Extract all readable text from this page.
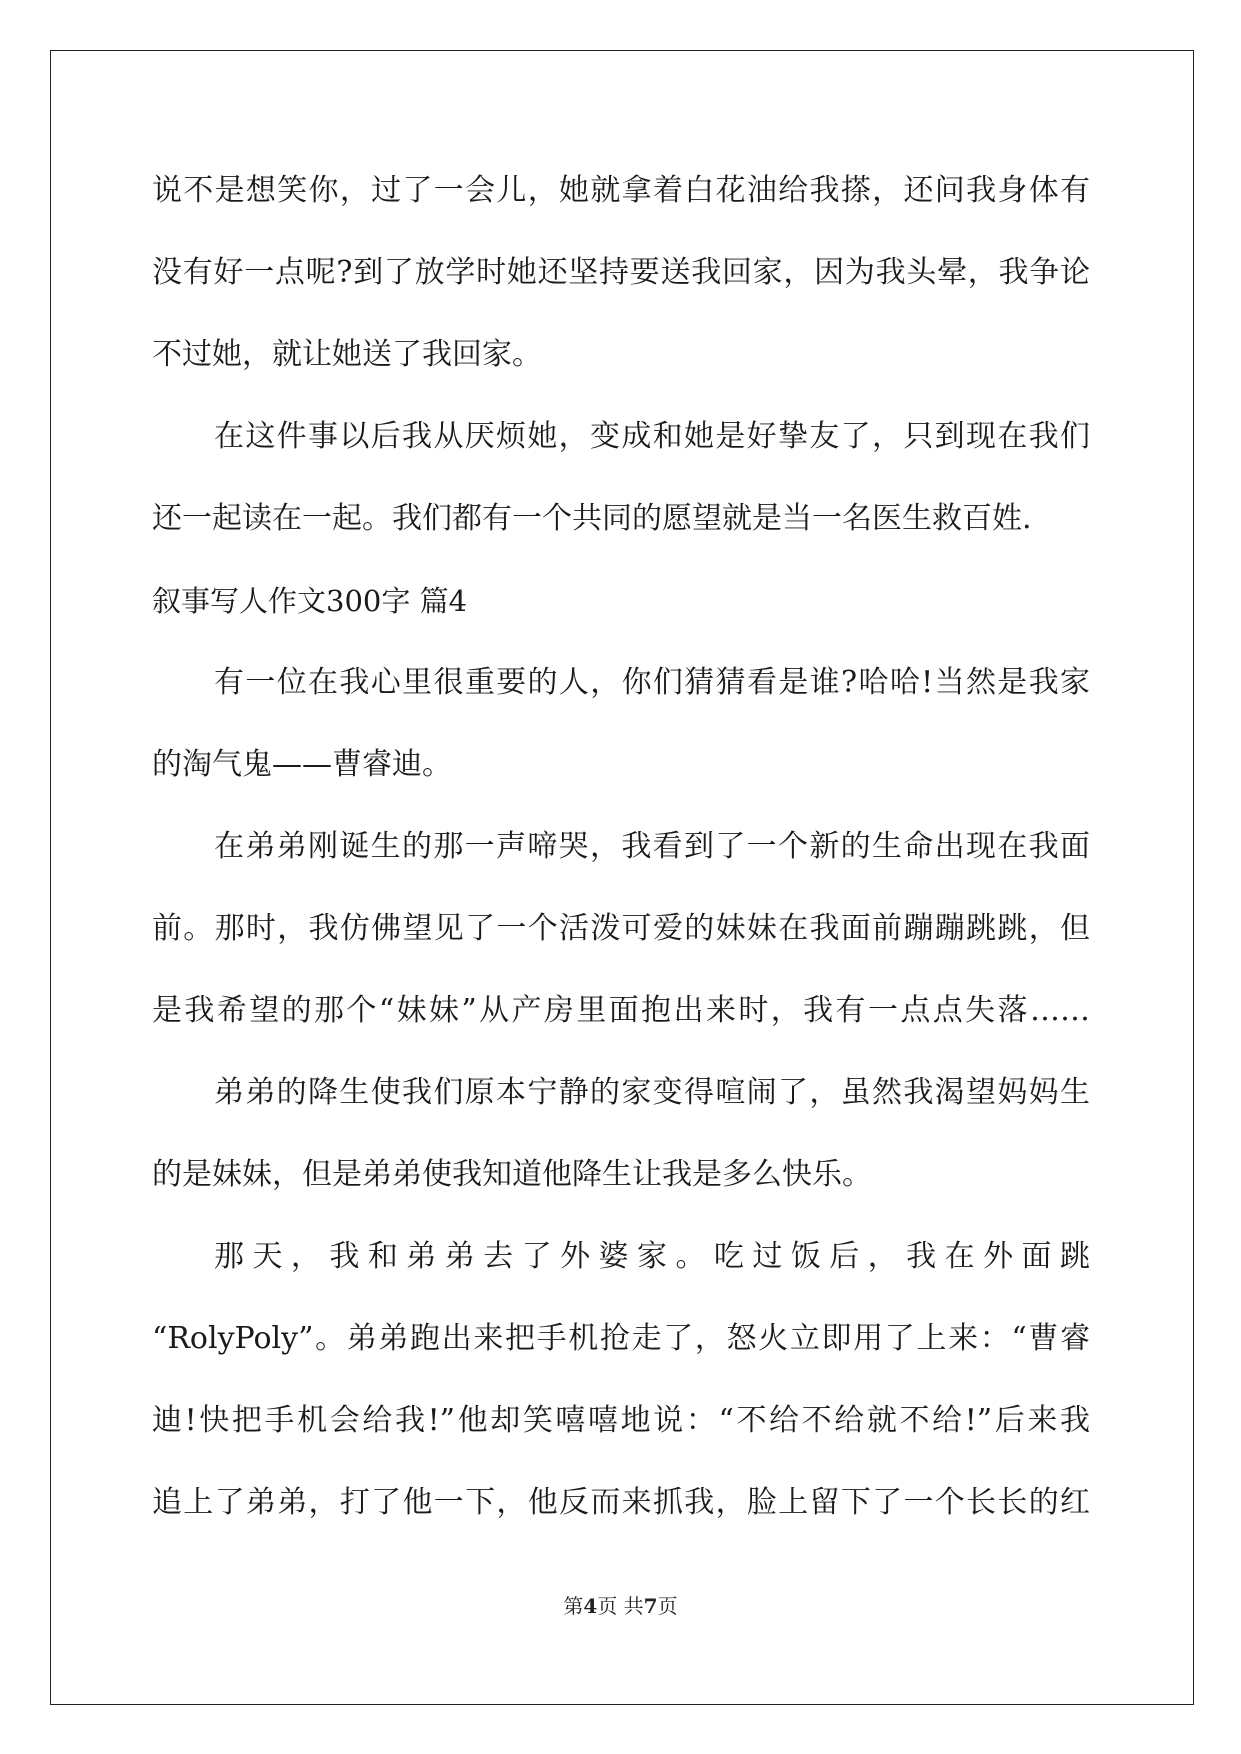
说不是想笑你，过了一会儿，她就拿着白花油给我搽，还问我身体有
没有好一点呢?到了放学时她还坚持要送我回家，因为我头晕，我争论
不过她，就让她送了我回家。
在这件事以后我从厌烦她，变成和她是好挚友了，只到现在我们
还一起读在一起。我们都有一个共同的愿望就是当一名医生救百姓.
叙事写人作文300字 篇4
有一位在我心里很重要的人，你们猜猜看是谁?哈哈!当然是我家
的淘气鬼——曹睿迪。
在弟弟刚诞生的那一声啼哭，我看到了一个新的生命出现在我面
前。那时，我仿佛望见了一个活泼可爱的妹妹在我面前蹦蹦跳跳，但
是我希望的那个“妹妹”从产房里面抱出来时，我有一点点失落……
弟弟的降生使我们原本宁静的家变得喧闹了，虽然我渴望妈妈生
的是妹妹，但是弟弟使我知道他降生让我是多么快乐。
那天，我和弟弟去了外婆家。吃过饭后，我在外面跳
“RolyPoly”。弟弟跑出来把手机抢走了，怒火立即用了上来：“曹睿
迪!快把手机会给我!”他却笑嘻嘻地说：“不给不给就不给!”后来我
追上了弟弟，打了他一下，他反而来抓我，脸上留下了一个长长的红
第4页 共7页
